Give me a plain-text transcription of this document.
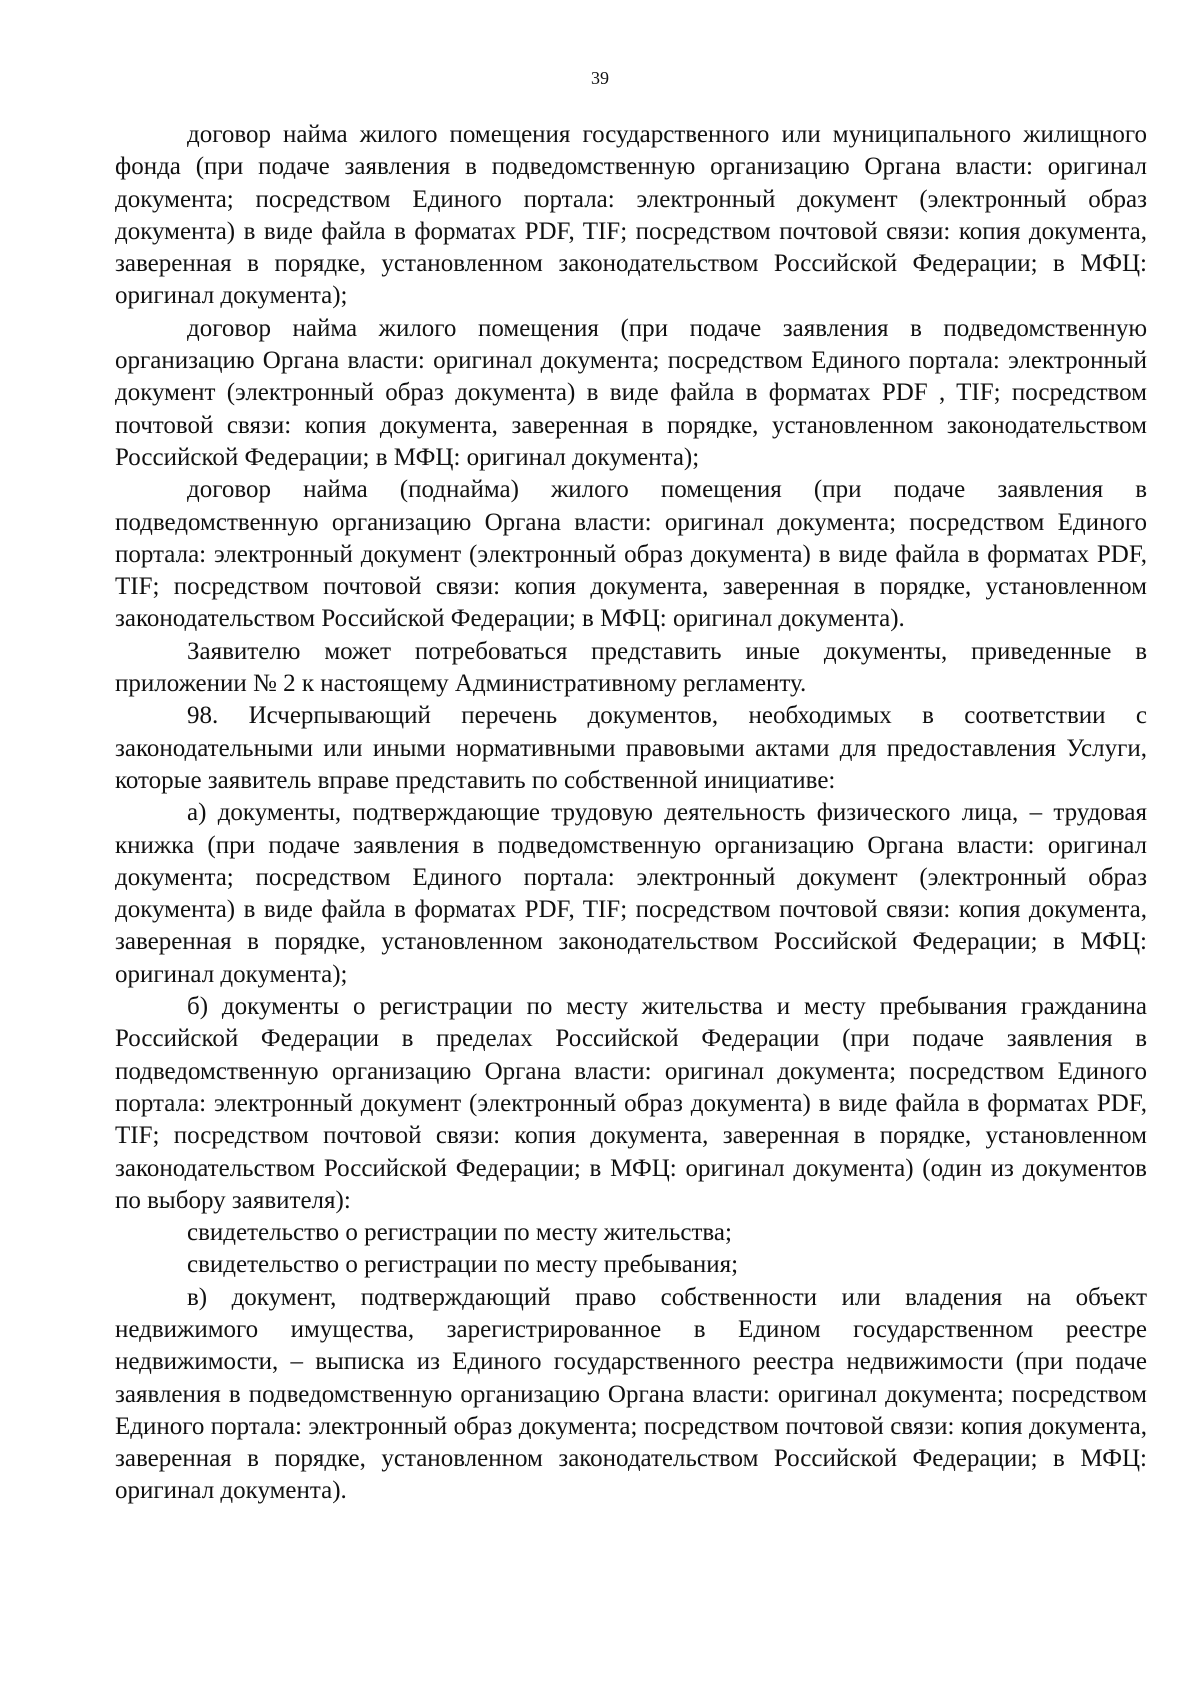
39

договор найма жилого помещения государственного или муниципального жилищного фонда (при подаче заявления в подведомственную организацию Органа власти: оригинал документа; посредством Единого портала: электронный документ (электронный образ документа) в виде файла в форматах PDF, TIF; посредством почтовой связи: копия документа, заверенная в порядке, установленном законодательством Российской Федерации; в МФЦ: оригинал документа);

договор найма жилого помещения (при подаче заявления в подведомственную организацию Органа власти: оригинал документа; посредством Единого портала: электронный документ (электронный образ документа) в виде файла в форматах PDF , TIF; посредством почтовой связи: копия документа, заверенная в порядке, установленном законодательством Российской Федерации; в МФЦ: оригинал документа);

договор найма (поднайма) жилого помещения (при подаче заявления в подведомственную организацию Органа власти: оригинал документа; посредством Единого портала: электронный документ (электронный образ документа) в виде файла в форматах PDF, TIF; посредством почтовой связи: копия документа, заверенная в порядке, установленном законодательством Российской Федерации; в МФЦ: оригинал документа).

Заявителю может потребоваться представить иные документы, приведенные в приложении № 2 к настоящему Административному регламенту.

98. Исчерпывающий перечень документов, необходимых в соответствии с законодательными или иными нормативными правовыми актами для предоставления Услуги, которые заявитель вправе представить по собственной инициативе:

а) документы, подтверждающие трудовую деятельность физического лица, – трудовая книжка (при подаче заявления в подведомственную организацию Органа власти: оригинал документа; посредством Единого портала: электронный документ (электронный образ документа) в виде файла в форматах PDF, TIF; посредством почтовой связи: копия документа, заверенная в порядке, установленном законодательством Российской Федерации; в МФЦ: оригинал документа);

б) документы о регистрации по месту жительства и месту пребывания гражданина Российской Федерации в пределах Российской Федерации (при подаче заявления в подведомственную организацию Органа власти: оригинал документа; посредством Единого портала: электронный документ (электронный образ документа) в виде файла в форматах PDF, TIF; посредством почтовой связи: копия документа, заверенная в порядке, установленном законодательством Российской Федерации; в МФЦ: оригинал документа) (один из документов по выбору заявителя):

свидетельство о регистрации по месту жительства;

свидетельство о регистрации по месту пребывания;

в) документ, подтверждающий право собственности или владения на объект недвижимого имущества, зарегистрированное в Едином государственном реестре недвижимости, – выписка из Единого государственного реестра недвижимости (при подаче заявления в подведомственную организацию Органа власти: оригинал документа; посредством Единого портала: электронный образ документа; посредством почтовой связи: копия документа, заверенная в порядке, установленном законодательством Российской Федерации; в МФЦ: оригинал документа).
